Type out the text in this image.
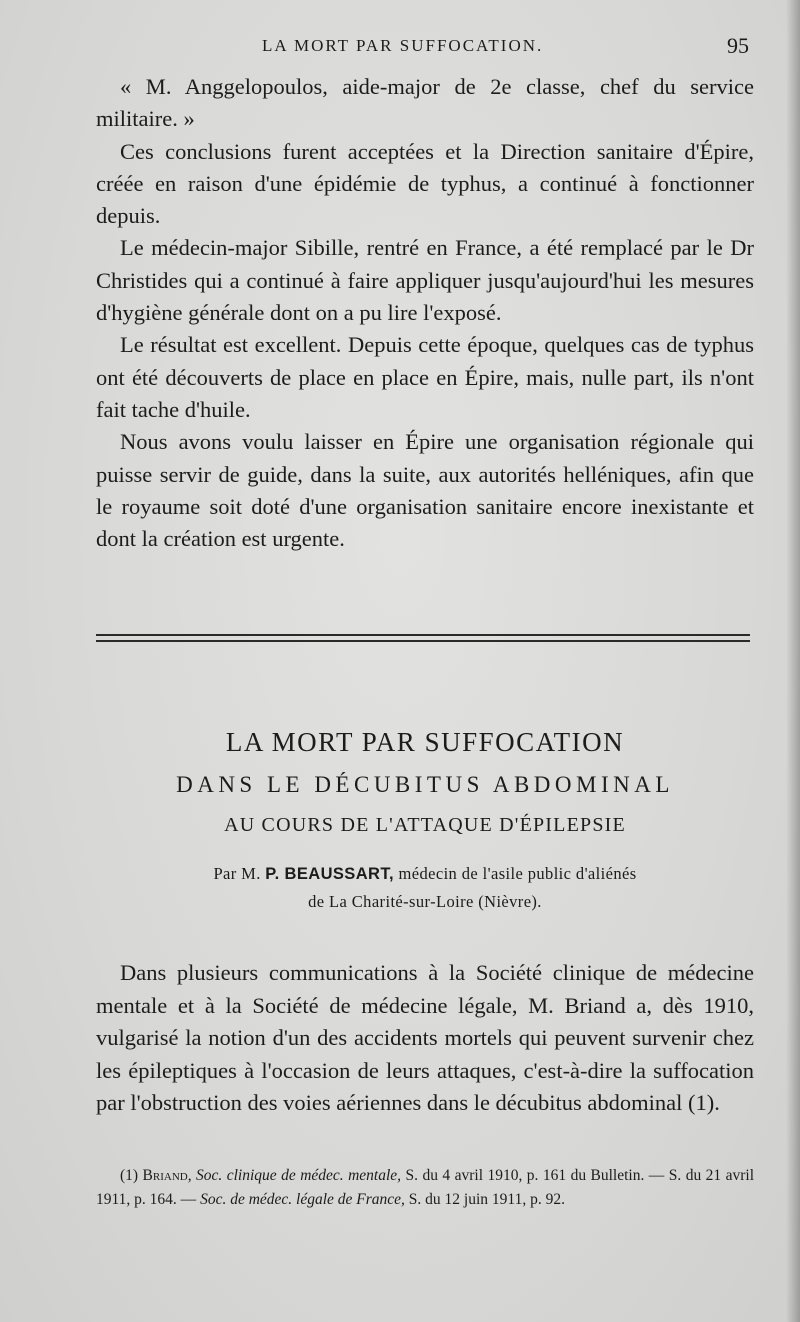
LA MORT PAR SUFFOCATION.	95

« M. Anggelopoulos, aide-major de 2e classe, chef du service militaire. »

Ces conclusions furent acceptées et la Direction sanitaire d'Épire, créée en raison d'une épidémie de typhus, a continué à fonctionner depuis.

Le médecin-major Sibille, rentré en France, a été remplacé par le Dr Christides qui a continué à faire appliquer jusqu'aujourd'hui les mesures d'hygiène générale dont on a pu lire l'exposé.

Le résultat est excellent. Depuis cette époque, quelques cas de typhus ont été découverts de place en place en Épire, mais, nulle part, ils n'ont fait tache d'huile.

Nous avons voulu laisser en Épire une organisation régionale qui puisse servir de guide, dans la suite, aux autorités helléniques, afin que le royaume soit doté d'une organisation sanitaire encore inexistante et dont la création est urgente.

LA MORT PAR SUFFOCATION
DANS LE DÉCUBITUS ABDOMINAL
AU COURS DE L'ATTAQUE D'ÉPILEPSIE
Par M. P. BEAUSSART, médecin de l'asile public d'aliénés
de La Charité-sur-Loire (Nièvre).

Dans plusieurs communications à la Société clinique de médecine mentale et à la Société de médecine légale, M. Briand a, dès 1910, vulgarisé la notion d'un des accidents mortels qui peuvent survenir chez les épileptiques à l'occasion de leurs attaques, c'est-à-dire la suffocation par l'obstruction des voies aériennes dans le décubitus abdominal (1).

(1) Briand, Soc. clinique de médec. mentale, S. du 4 avril 1910, p. 161 du Bulletin. — S. du 21 avril 1911, p. 164. — Soc. de médec. légale de France, S. du 12 juin 1911, p. 92.
